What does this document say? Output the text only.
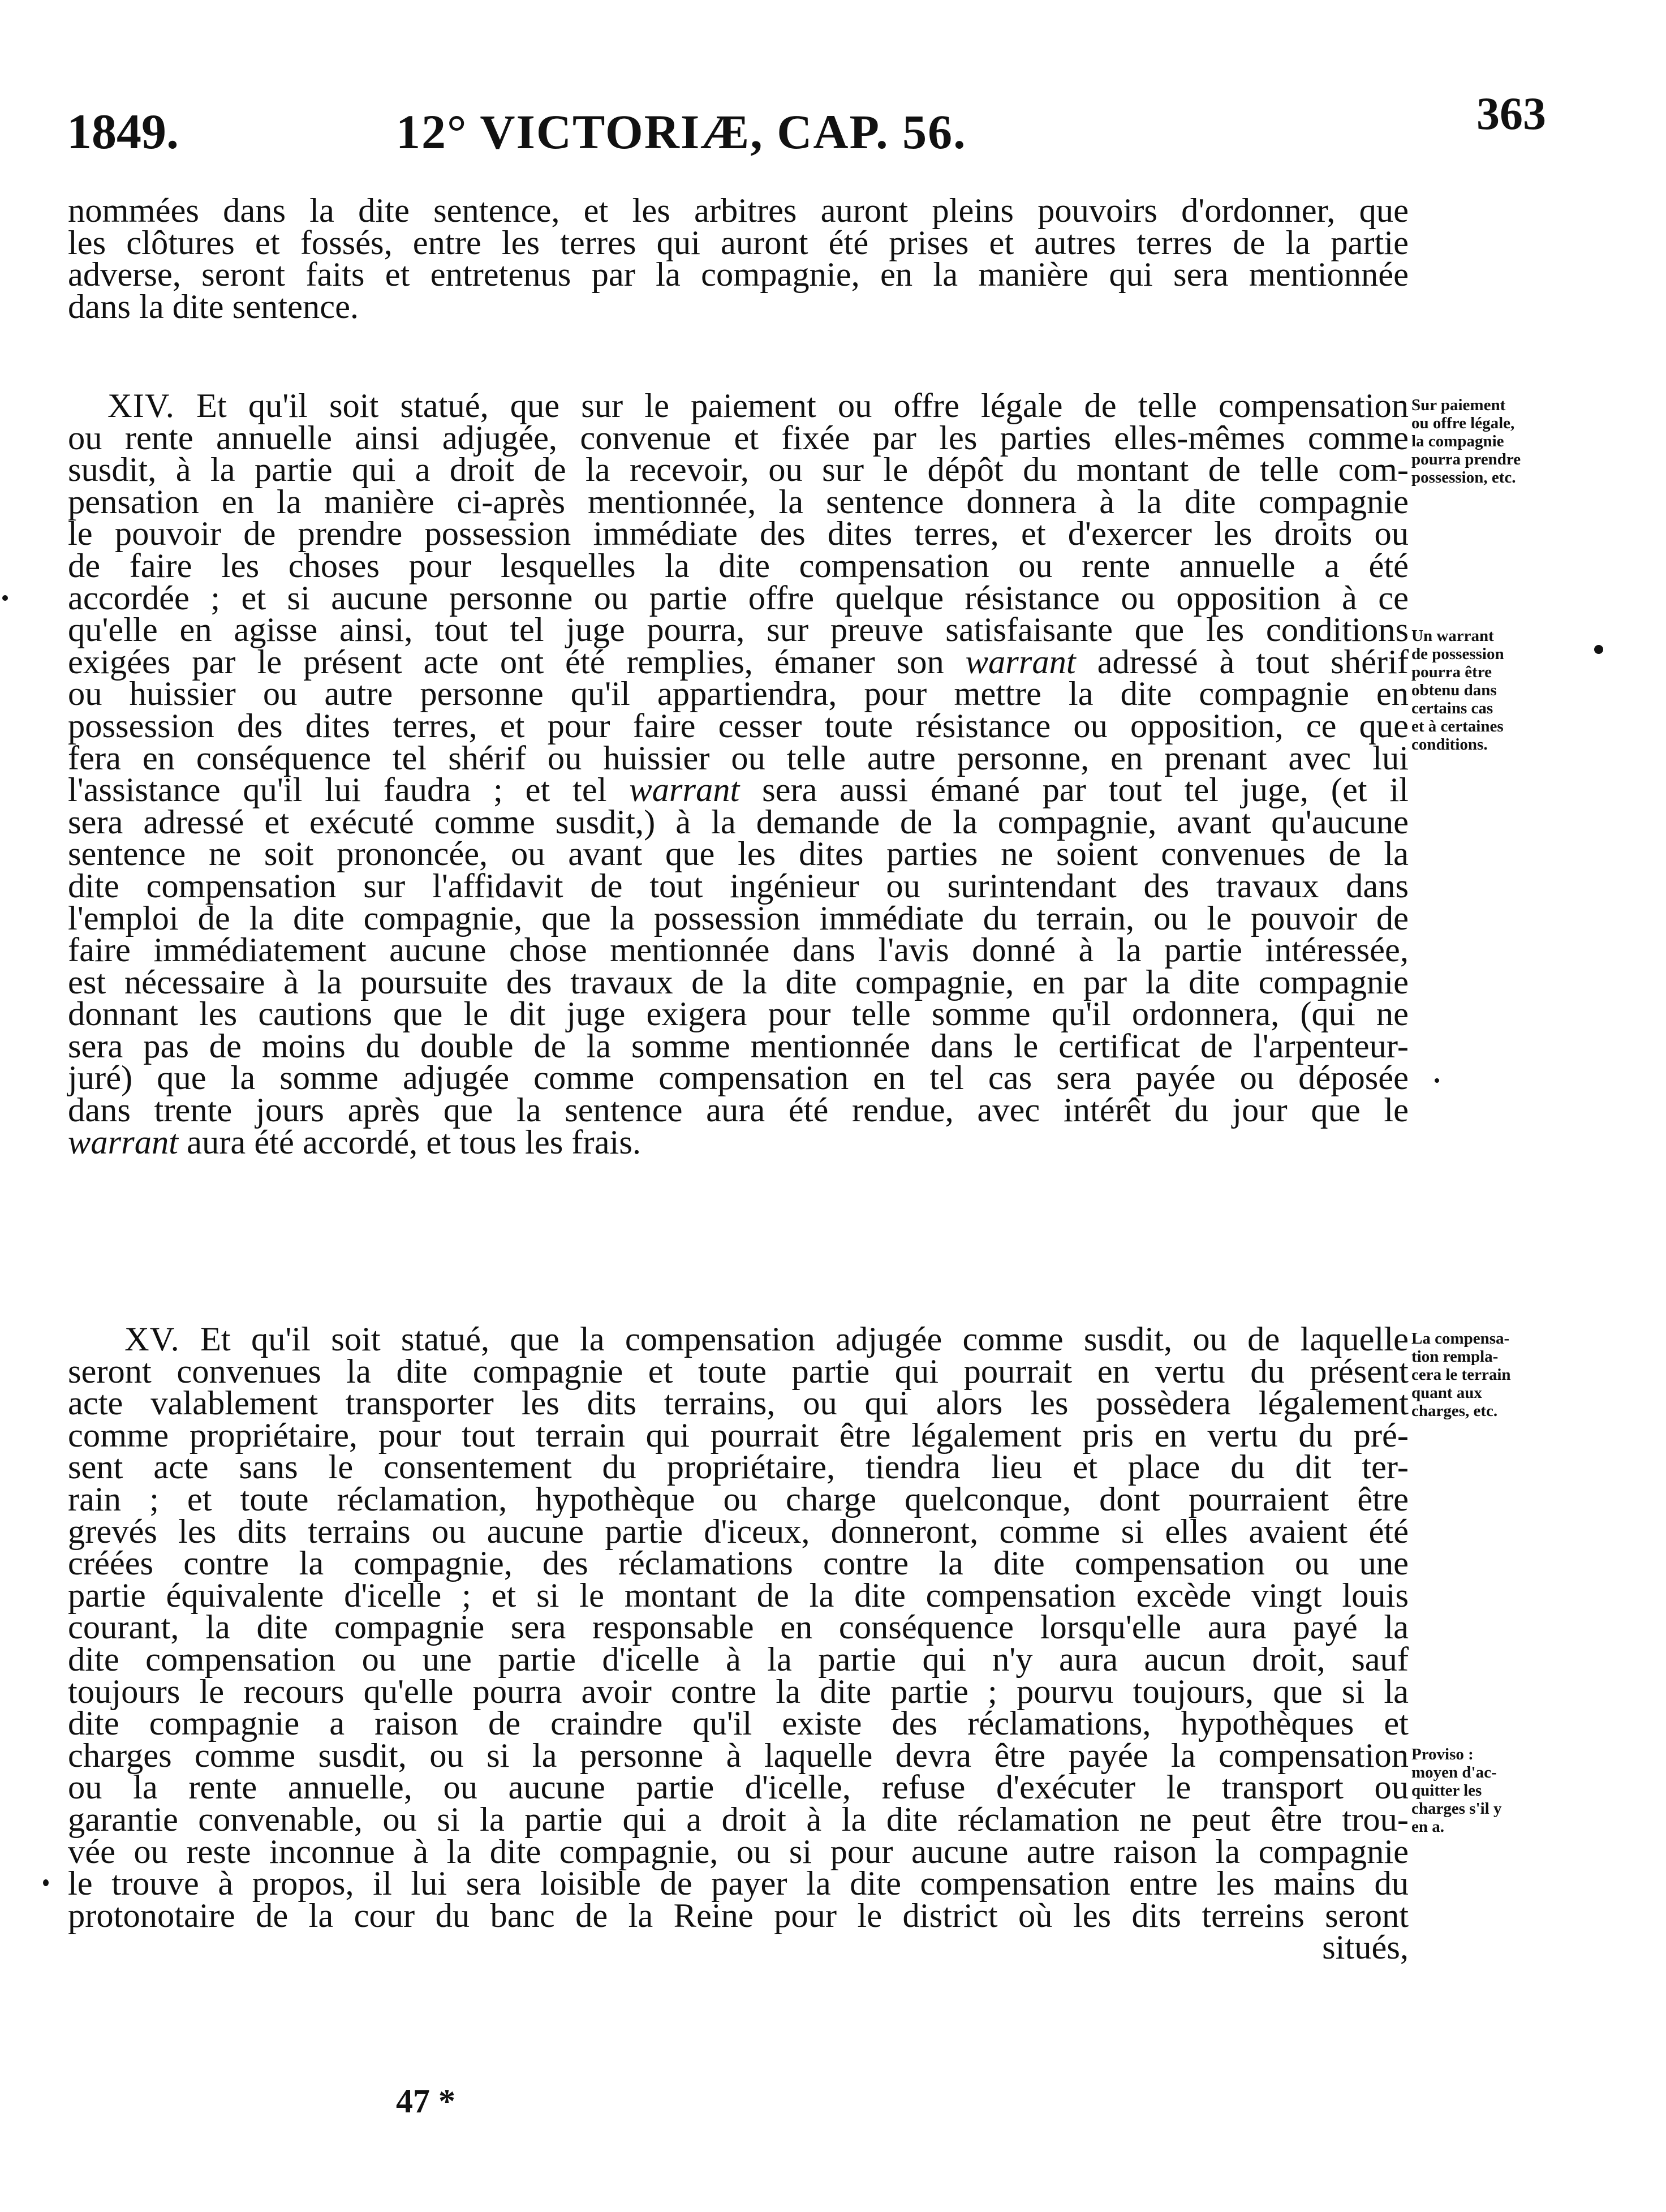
1849.	12° VICTORIÆ, CAP. 56.	363
nommées dans la dite sentence, et les arbitres auront pleins pouvoirs d'ordonner, que
les clôtures et fossés, entre les terres qui auront été prises et autres terres de la partie
adverse, seront faits et entretenus par la compagnie, en la manière qui sera mentionnée
dans la dite sentence.
XIV. Et qu'il soit statué, que sur le paiement ou offre légale de telle compensation
ou rente annuelle ainsi adjugée, convenue et fixée par les parties elles-mêmes comme
susdit, à la partie qui a droit de la recevoir, ou sur le dépôt du montant de telle com-
pensation en la manière ci-après mentionnée, la sentence donnera à la dite compagnie
le pouvoir de prendre possession immédiate des dites terres, et d'exercer les droits ou
de faire les choses pour lesquelles la dite compensation ou rente annuelle a été
accordée ; et si aucune personne ou partie offre quelque résistance ou opposition à ce
qu'elle en agisse ainsi, tout tel juge pourra, sur preuve satisfaisante que les conditions
exigées par le présent acte ont été remplies, émaner son warrant adressé à tout shérif
ou huissier ou autre personne qu'il appartiendra, pour mettre la dite compagnie en
possession des dites terres, et pour faire cesser toute résistance ou opposition, ce que
fera en conséquence tel shérif ou huissier ou telle autre personne, en prenant avec lui
l'assistance qu'il lui faudra ; et tel warrant sera aussi émané par tout tel juge, (et il
sera adressé et exécuté comme susdit,) à la demande de la compagnie, avant qu'aucune
sentence ne soit prononcée, ou avant que les dites parties ne soient convenues de la
dite compensation sur l'affidavit de tout ingénieur ou surintendant des travaux dans
l'emploi de la dite compagnie, que la possession immédiate du terrain, ou le pouvoir de
faire immédiatement aucune chose mentionnée dans l'avis donné à la partie intéressée,
est nécessaire à la poursuite des travaux de la dite compagnie, en par la dite compagnie
donnant les cautions que le dit juge exigera pour telle somme qu'il ordonnera, (qui ne
sera pas de moins du double de la somme mentionnée dans le certificat de l'arpenteur-
juré) que la somme adjugée comme compensation en tel cas sera payée ou déposée
dans trente jours après que la sentence aura été rendue, avec intérêt du jour que le
warrant aura été accordé, et tous les frais.
XV. Et qu'il soit statué, que la compensation adjugée comme susdit, ou de laquelle
seront convenues la dite compagnie et toute partie qui pourrait en vertu du présent
acte valablement transporter les dits terrains, ou qui alors les possèdera légalement
comme propriétaire, pour tout terrain qui pourrait être légalement pris en vertu du pré-
sent acte sans le consentement du propriétaire, tiendra lieu et place du dit ter-
rain ; et toute réclamation, hypothèque ou charge quelconque, dont pourraient être
grevés les dits terrains ou aucune partie d'iceux, donneront, comme si elles avaient été
créées contre la compagnie, des réclamations contre la dite compensation ou une
partie équivalente d'icelle ; et si le montant de la dite compensation excède vingt louis
courant, la dite compagnie sera responsable en conséquence lorsqu'elle aura payé la
dite compensation ou une partie d'icelle à la partie qui n'y aura aucun droit, sauf
toujours le recours qu'elle pourra avoir contre la dite partie ; pourvu toujours, que si la
dite compagnie a raison de craindre qu'il existe des réclamations, hypothèques et
charges comme susdit, ou si la personne à laquelle devra être payée la compensation
ou la rente annuelle, ou aucune partie d'icelle, refuse d'exécuter le transport ou
garantie convenable, ou si la partie qui a droit à la dite réclamation ne peut être trou-
vée ou reste inconnue à la dite compagnie, ou si pour aucune autre raison la compagnie
le trouve à propos, il lui sera loisible de payer la dite compensation entre les mains du
protonotaire de la cour du banc de la Reine pour le district où les dits terreins seront
situés,
Sur paiement
ou offre légale,
la compagnie
pourra prendre
possession, etc.
Un warrant
de possession
pourra être
obtenu dans
certains cas
et à certaines
conditions.
La compensa-
tion rempla-
cera le terrain
quant aux
charges, etc.
Proviso :
moyen d'ac-
quitter les
charges s'il y
en a.
47 *
